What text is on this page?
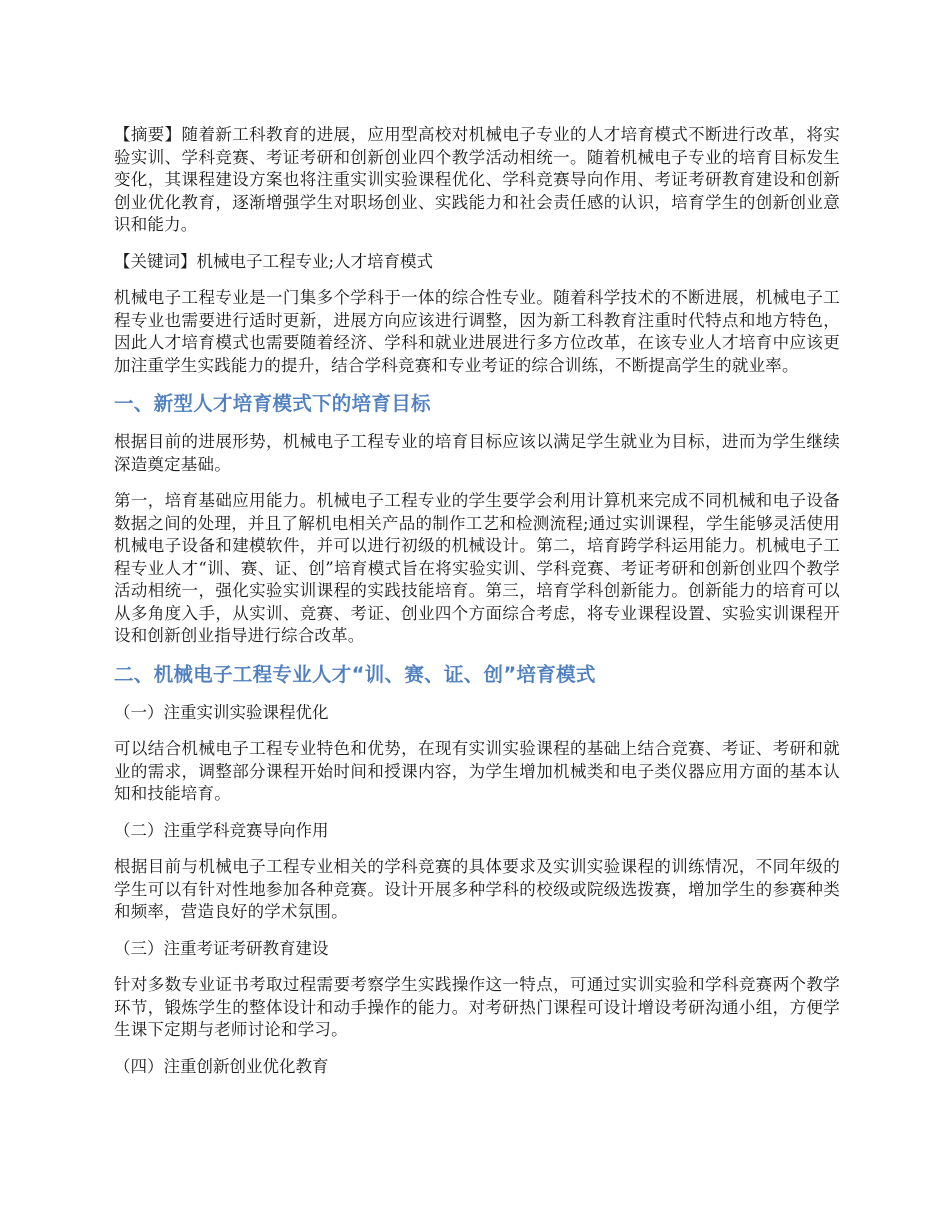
【摘要】随着新工科教育的进展，应用型高校对机械电子专业的人才培育模式不断进行改革，将实验实训、学科竞赛、考证考研和创新创业四个教学活动相统一。随着机械电子专业的培育目标发生变化，其课程建设方案也将注重实训实验课程优化、学科竞赛导向作用、考证考研教育建设和创新创业优化教育，逐渐增强学生对职场创业、实践能力和社会责任感的认识，培育学生的创新创业意识和能力。

【关键词】机械电子工程专业;人才培育模式

机械电子工程专业是一门集多个学科于一体的综合性专业。随着科学技术的不断进展，机械电子工程专业也需要进行适时更新，进展方向应该进行调整，因为新工科教育注重时代特点和地方特色，因此人才培育模式也需要随着经济、学科和就业进展进行多方位改革，在该专业人才培育中应该更加注重学生实践能力的提升，结合学科竞赛和专业考证的综合训练，不断提高学生的就业率。

一、新型人才培育模式下的培育目标

根据目前的进展形势，机械电子工程专业的培育目标应该以满足学生就业为目标，进而为学生继续深造奠定基础。

第一，培育基础应用能力。机械电子工程专业的学生要学会利用计算机来完成不同机械和电子设备数据之间的处理，并且了解机电相关产品的制作工艺和检测流程;通过实训课程，学生能够灵活使用机械电子设备和建模软件，并可以进行初级的机械设计。第二，培育跨学科运用能力。机械电子工程专业人才“训、赛、证、创”培育模式旨在将实验实训、学科竞赛、考证考研和创新创业四个教学活动相统一，强化实验实训课程的实践技能培育。第三，培育学科创新能力。创新能力的培育可以从多角度入手，从实训、竞赛、考证、创业四个方面综合考虑，将专业课程设置、实验实训课程开设和创新创业指导进行综合改革。

二、机械电子工程专业人才“训、赛、证、创”培育模式

（一）注重实训实验课程优化

可以结合机械电子工程专业特色和优势，在现有实训实验课程的基础上结合竞赛、考证、考研和就业的需求，调整部分课程开始时间和授课内容，为学生增加机械类和电子类仪器应用方面的基本认知和技能培育。

（二）注重学科竞赛导向作用

根据目前与机械电子工程专业相关的学科竞赛的具体要求及实训实验课程的训练情况，不同年级的学生可以有针对性地参加各种竞赛。设计开展多种学科的校级或院级选拨赛，增加学生的参赛种类和频率，营造良好的学术氛围。

（三）注重考证考研教育建设

针对多数专业证书考取过程需要考察学生实践操作这一特点，可通过实训实验和学科竞赛两个教学环节，锻炼学生的整体设计和动手操作的能力。对考研热门课程可设计增设考研沟通小组，方便学生课下定期与老师讨论和学习。

（四）注重创新创业优化教育
